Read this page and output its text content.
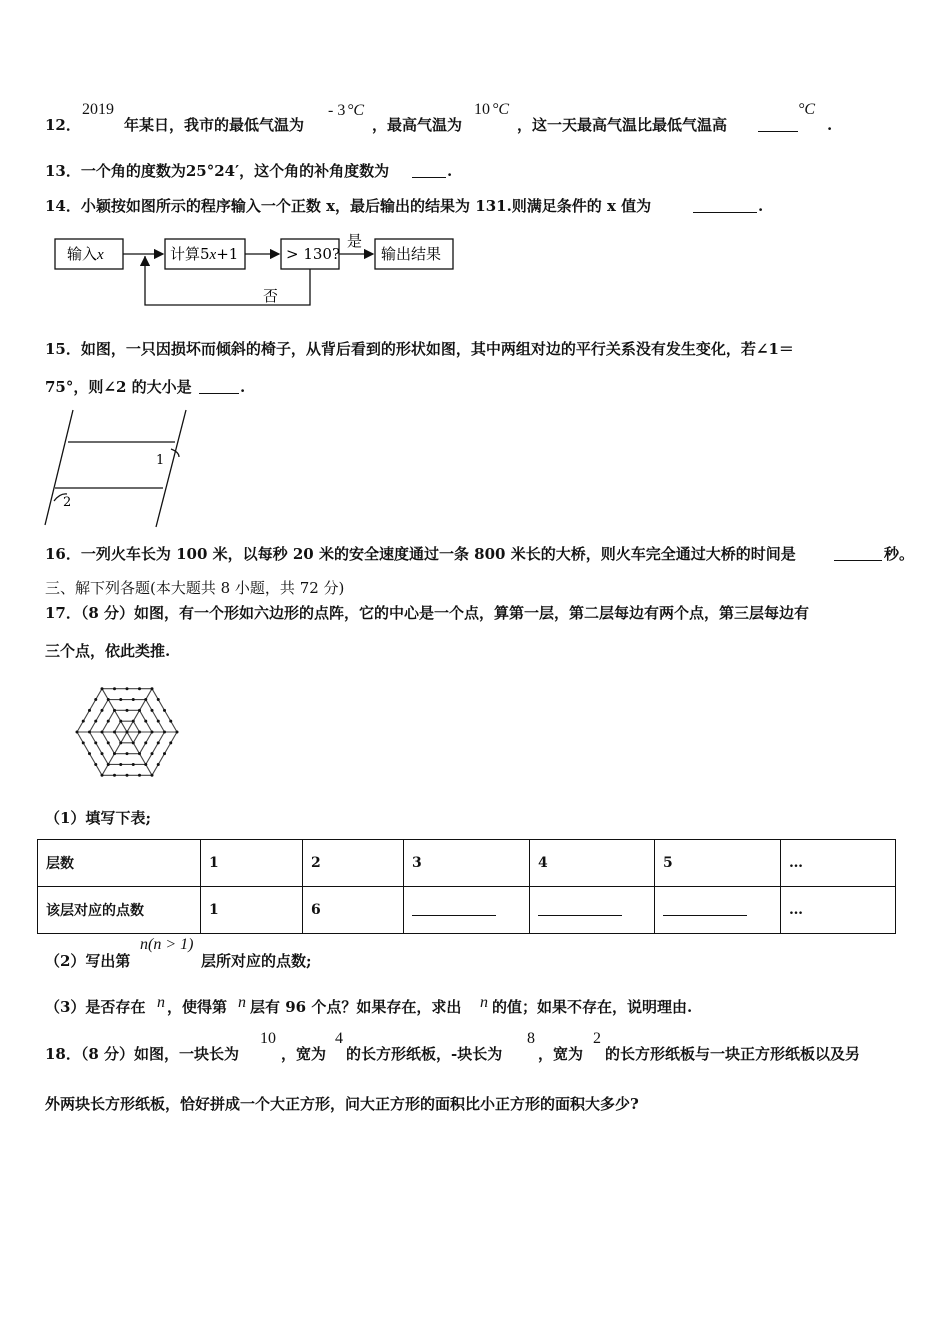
12．
2019
年某日，我市的最低气温为
- 3 °C
，最高气温为
10 °C
，这一天最高气温比最低气温高
°C
.
13．一个角的度数为25°24′，这个角的补角度数为	.
14．小颖按如图所示的程序输入一个正数 x，最后输出的结果为 131.则满足条件的 x 值为	.
输入x	计算5x+1	> 130?	输出结果
是
否
15．如图，一只因损坏而倾斜的椅子，从背后看到的形状如图，其中两组对边的平行关系没有发生变化，若∠1＝
75°，则∠2 的大小是	.
1
2
16．一列火车长为 100 米，以每秒 20 米的安全速度通过一条 800 米长的大桥，则火车完全通过大桥的时间是	秒。
三、解下列各题(本大题共 8 小题，共 72 分)
17．（8 分）如图，有一个形如六边形的点阵，它的中心是一个点，算第一层，第二层每边有两个点，第三层每边有
三个点，依此类推.
（1）填写下表;
层数	1	2	3	4	5	…
该层对应的点数	1	6				…
（2）写出第
n(n > 1)
层所对应的点数;
（3）是否存在 n ，使得第 n 层有 96 个点？如果存在，求出 n 的值；如果不存在，说明理由.
18．（8 分）如图，一块长为
10
，宽为
4
的长方形纸板，-块长为
8
，宽为
2
的长方形纸板与一块正方形纸板以及另
外两块长方形纸板，恰好拼成一个大正方形，问大正方形的面积比小正方形的面积大多少?
